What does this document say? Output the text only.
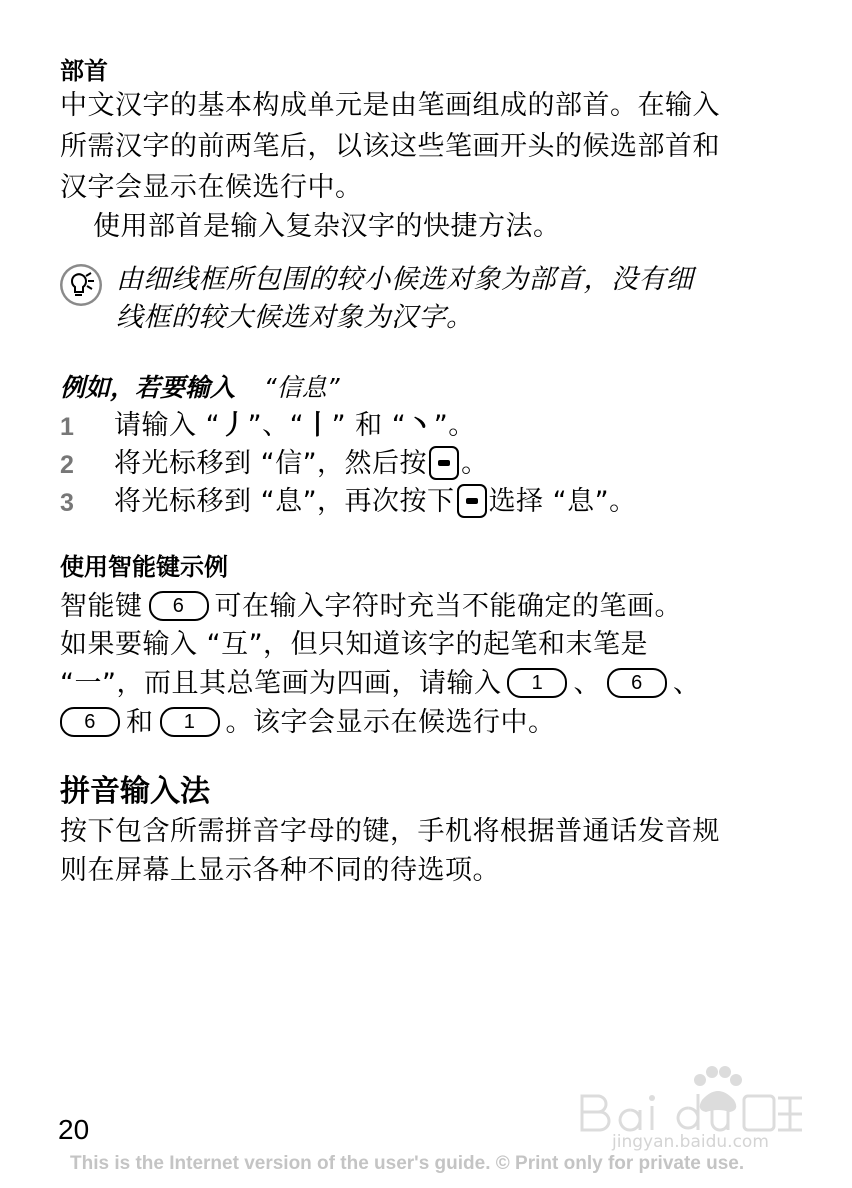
部首
中文汉字的基本构成单元是由笔画组成的部首。在输入
所需汉字的前两笔后，以该这些笔画开头的候选部首和
汉字会显示在候选行中。
使用部首是输入复杂汉字的快捷方法。
由细线框所包围的较小候选对象为部首，没有细
线框的较大候选对象为汉字。
例如，若要输入 “信息”
1 请输入 “丿”、“丨” 和 “丶”。
2 将光标移到 “信”，然后按 。
3 将光标移到 “息”，再次按下 选择 “息”。
使用智能键示例
智能键 6 可在输入字符时充当不能确定的笔画。
如果要输入 “互”，但只知道该字的起笔和末笔是
“一”，而且其总笔画为四画，请输入 1 、 6 、
6 和 1 。该字会显示在候选行中。
拼音输入法
按下包含所需拼音字母的键，手机将根据普通话发音规
则在屏幕上显示各种不同的待选项。
20	jingyan.baidu.com
This is the Internet version of the user's guide. © Print only for private use.
